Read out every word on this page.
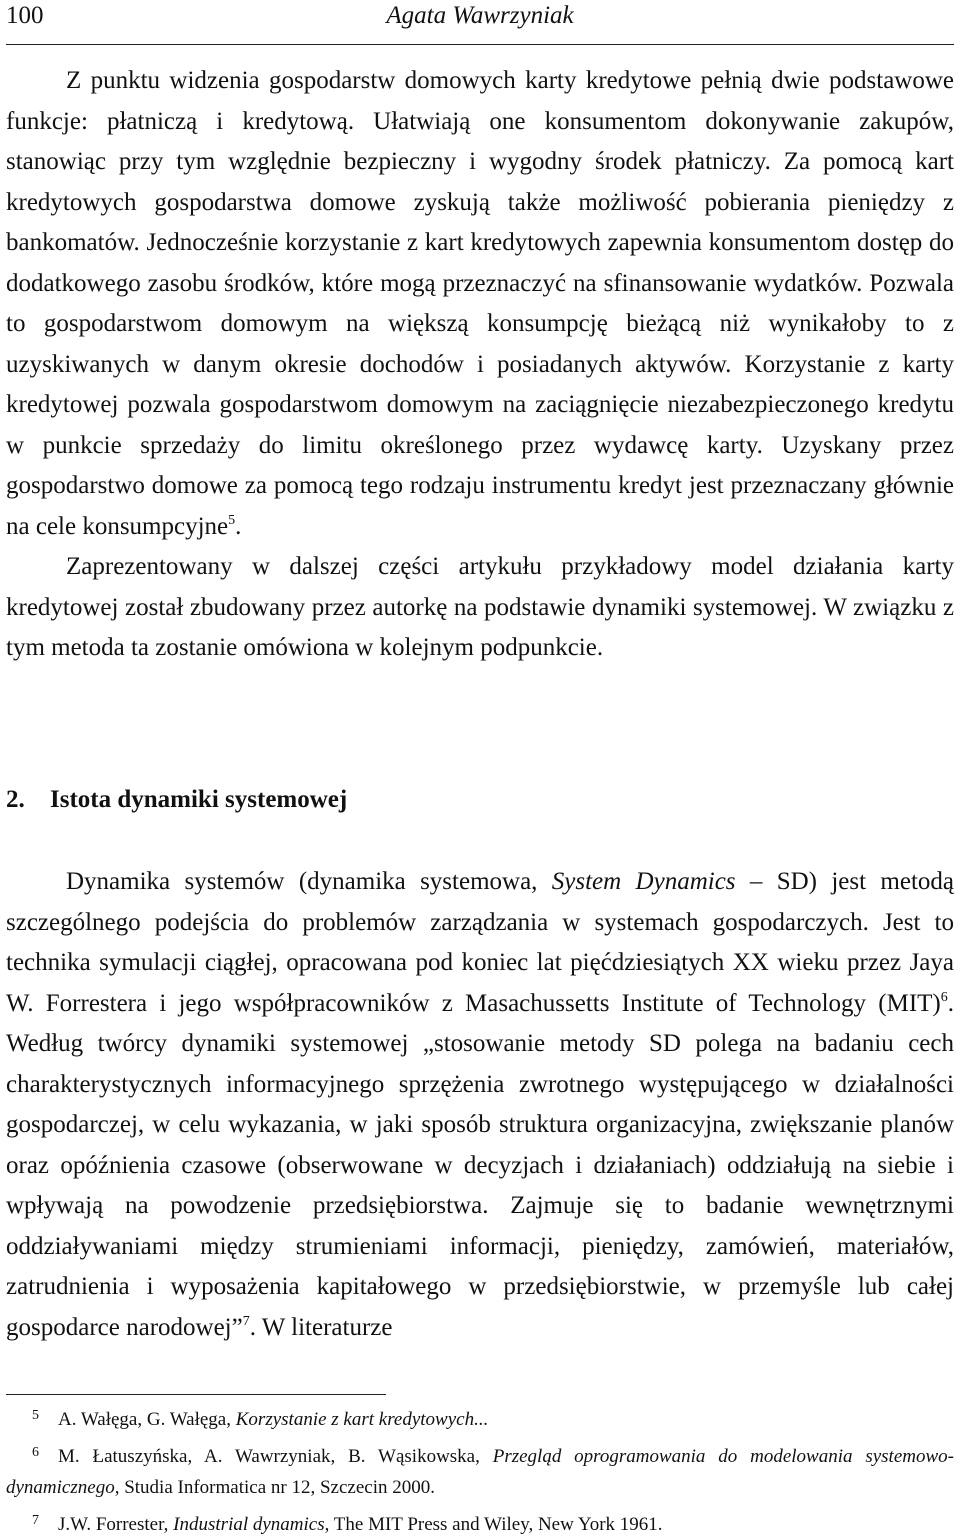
100	Agata Wawrzyniak

Z punktu widzenia gospodarstw domowych karty kredytowe pełnią dwie podstawowe funkcje: płatniczą i kredytową. Ułatwiają one konsumentom dokonywanie zakupów, stanowiąc przy tym względnie bezpieczny i wygodny środek płatniczy. Za pomocą kart kredytowych gospodarstwa domowe zyskują także możliwość pobierania pieniędzy z bankomatów. Jednocześnie korzystanie z kart kredytowych zapewnia konsumentom dostęp do dodatkowego zasobu środków, które mogą przeznaczyć na sfinansowanie wydatków. Pozwala to gospodarstwom domowym na większą konsumpcję bieżącą niż wynikałoby to z uzyskiwanych w danym okresie dochodów i posiadanych aktywów. Korzystanie z karty kredytowej pozwala gospodarstwom domowym na zaciągnięcie niezabezpieczonego kredytu w punkcie sprzedaży do limitu określonego przez wydawcę karty. Uzyskany przez gospodarstwo domowe za pomocą tego rodzaju instrumentu kredyt jest przeznaczany głównie na cele konsumpcyjne$^5$.

Zaprezentowany w dalszej części artykułu przykładowy model działania karty kredytowej został zbudowany przez autorkę na podstawie dynamiki systemowej. W związku z tym metoda ta zostanie omówiona w kolejnym podpunkcie.

2. Istota dynamiki systemowej

Dynamika systemów (dynamika systemowa, System Dynamics – SD) jest metodą szczególnego podejścia do problemów zarządzania w systemach gospodarczych. Jest to technika symulacji ciągłej, opracowana pod koniec lat pięćdziesiątych XX wieku przez Jaya W. Forrestera i jego współpracowników z Masachussetts Institute of Technology (MIT)$^6$. Według twórcy dynamiki systemowej „stosowanie metody SD polega na badaniu cech charakterystycznych informacyjnego sprzężenia zwrotnego występującego w działalności gospodarczej, w celu wykazania, w jaki sposób struktura organizacyjna, zwiększanie planów oraz opóźnienia czasowe (obserwowane w decyzjach i działaniach) oddziałują na siebie i wpływają na powodzenie przedsiębiorstwa. Zajmuje się to badanie wewnętrznymi oddziaływaniami między strumieniami informacji, pieniędzy, zamówień, materiałów, zatrudnienia i wyposażenia kapitałowego w przedsiębiorstwie, w przemyśle lub całej gospodarce narodowej”$^7$. W literaturze

5 A. Wałęga, G. Wałęga, Korzystanie z kart kredytowych...

6 M. Łatuszyńska, A. Wawrzyniak, B. Wąsikowska, Przegląd oprogramowania do modelowania systemowo-dynamicznego, Studia Informatica nr 12, Szczecin 2000.

7 J.W. Forrester, Industrial dynamics, The MIT Press and Wiley, New York 1961.
